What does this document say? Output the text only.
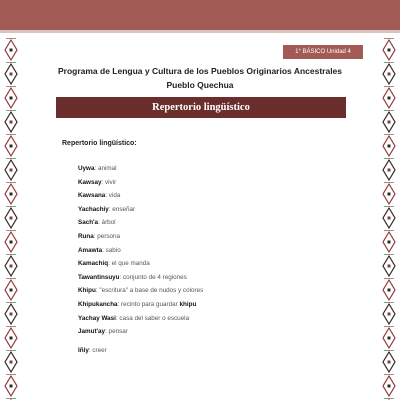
1° BÁSICO Unidad 4
Programa de Lengua y Cultura de los Pueblos Originarios Ancestrales
Pueblo Quechua
Repertorio lingüístico
Repertorio lingüístico:
Uywa: animal
Kawsay: vivir
Kawsana: vida
Yachachiy: enseñar
Sach'a: árbol
Runa: persona
Amawta: sabio
Kamachiq: el que manda
Tawantinsuyu: conjunto de 4 regiones
Khipu: "escritura" a base de nudos y colores
Khipukancha: recinto para guardar khipu
Yachay Wasi: casa del saber o escuela
Jamut'ay: pensar
Iñiy: creer
